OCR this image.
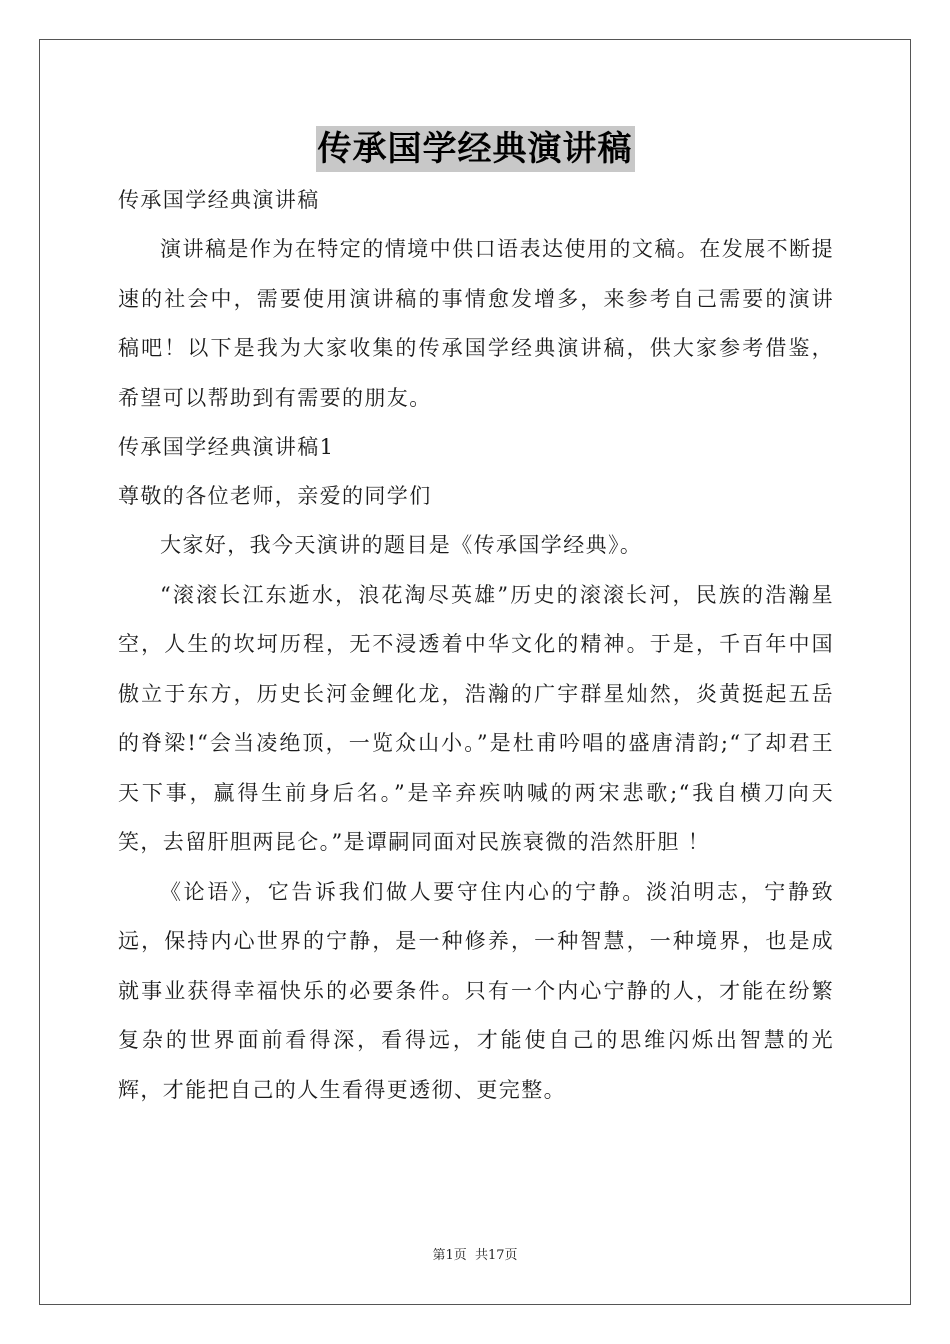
传承国学经典演讲稿

传承国学经典演讲稿

演讲稿是作为在特定的情境中供口语表达使用的文稿。在发展不断提速的社会中，需要使用演讲稿的事情愈发增多，来参考自己需要的演讲稿吧！以下是我为大家收集的传承国学经典演讲稿，供大家参考借鉴，希望可以帮助到有需要的朋友。

传承国学经典演讲稿1

尊敬的各位老师，亲爱的同学们

大家好，我今天演讲的题目是《传承国学经典》。

“滚滚长江东逝水，浪花淘尽英雄”历史的滚滚长河，民族的浩瀚星空，人生的坎坷历程，无不浸透着中华文化的精神。于是，千百年中国傲立于东方，历史长河金鲤化龙，浩瀚的广宇群星灿然，炎黄挺起五岳的脊梁!“会当凌绝顶，一览众山小。”是杜甫吟唱的盛唐清韵;“了却君王天下事，赢得生前身后名。”是辛弃疾呐喊的两宋悲歌;“我自横刀向天笑，去留肝胆两昆仑。”是谭嗣同面对民族衰微的浩然肝胆 ！

《论语》，它告诉我们做人要守住内心的宁静。淡泊明志，宁静致远，保持内心世界的宁静，是一种修养，一种智慧，一种境界，也是成就事业获得幸福快乐的必要条件。只有一个内心宁静的人，才能在纷繁复杂的世界面前看得深，看得远，才能使自己的思维闪烁出智慧的光辉，才能把自己的人生看得更透彻、更完整。

第1页 共17页
